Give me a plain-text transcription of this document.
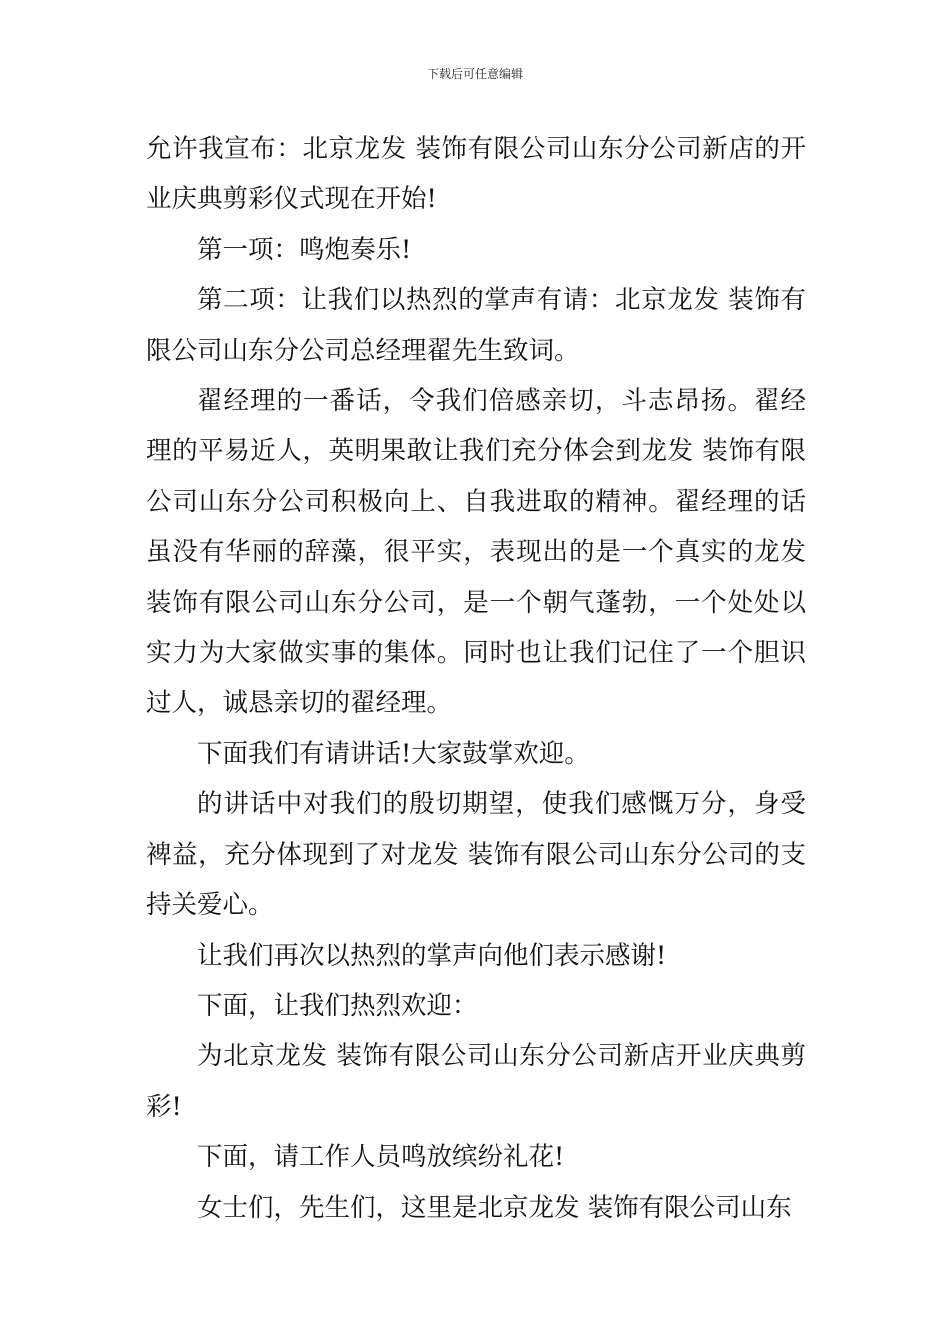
下载后可任意编辑

允许我宣布：北京龙发 装饰有限公司山东分公司新店的开业庆典剪彩仪式现在开始!

第一项：鸣炮奏乐!

第二项：让我们以热烈的掌声有请：北京龙发 装饰有限公司山东分公司总经理翟先生致词。

翟经理的一番话，令我们倍感亲切，斗志昂扬。翟经理的平易近人，英明果敢让我们充分体会到龙发 装饰有限公司山东分公司积极向上、自我进取的精神。翟经理的话虽没有华丽的辞藻，很平实，表现出的是一个真实的龙发 装饰有限公司山东分公司，是一个朝气蓬勃，一个处处以实力为大家做实事的集体。同时也让我们记住了一个胆识过人，诚恳亲切的翟经理。

下面我们有请讲话!大家鼓掌欢迎。

的讲话中对我们的殷切期望，使我们感慨万分，身受裨益，充分体现到了对龙发 装饰有限公司山东分公司的支持关爱心。

让我们再次以热烈的掌声向他们表示感谢!

下面，让我们热烈欢迎：

为北京龙发 装饰有限公司山东分公司新店开业庆典剪彩!

下面，请工作人员鸣放缤纷礼花!

女士们，先生们，这里是北京龙发 装饰有限公司山东
